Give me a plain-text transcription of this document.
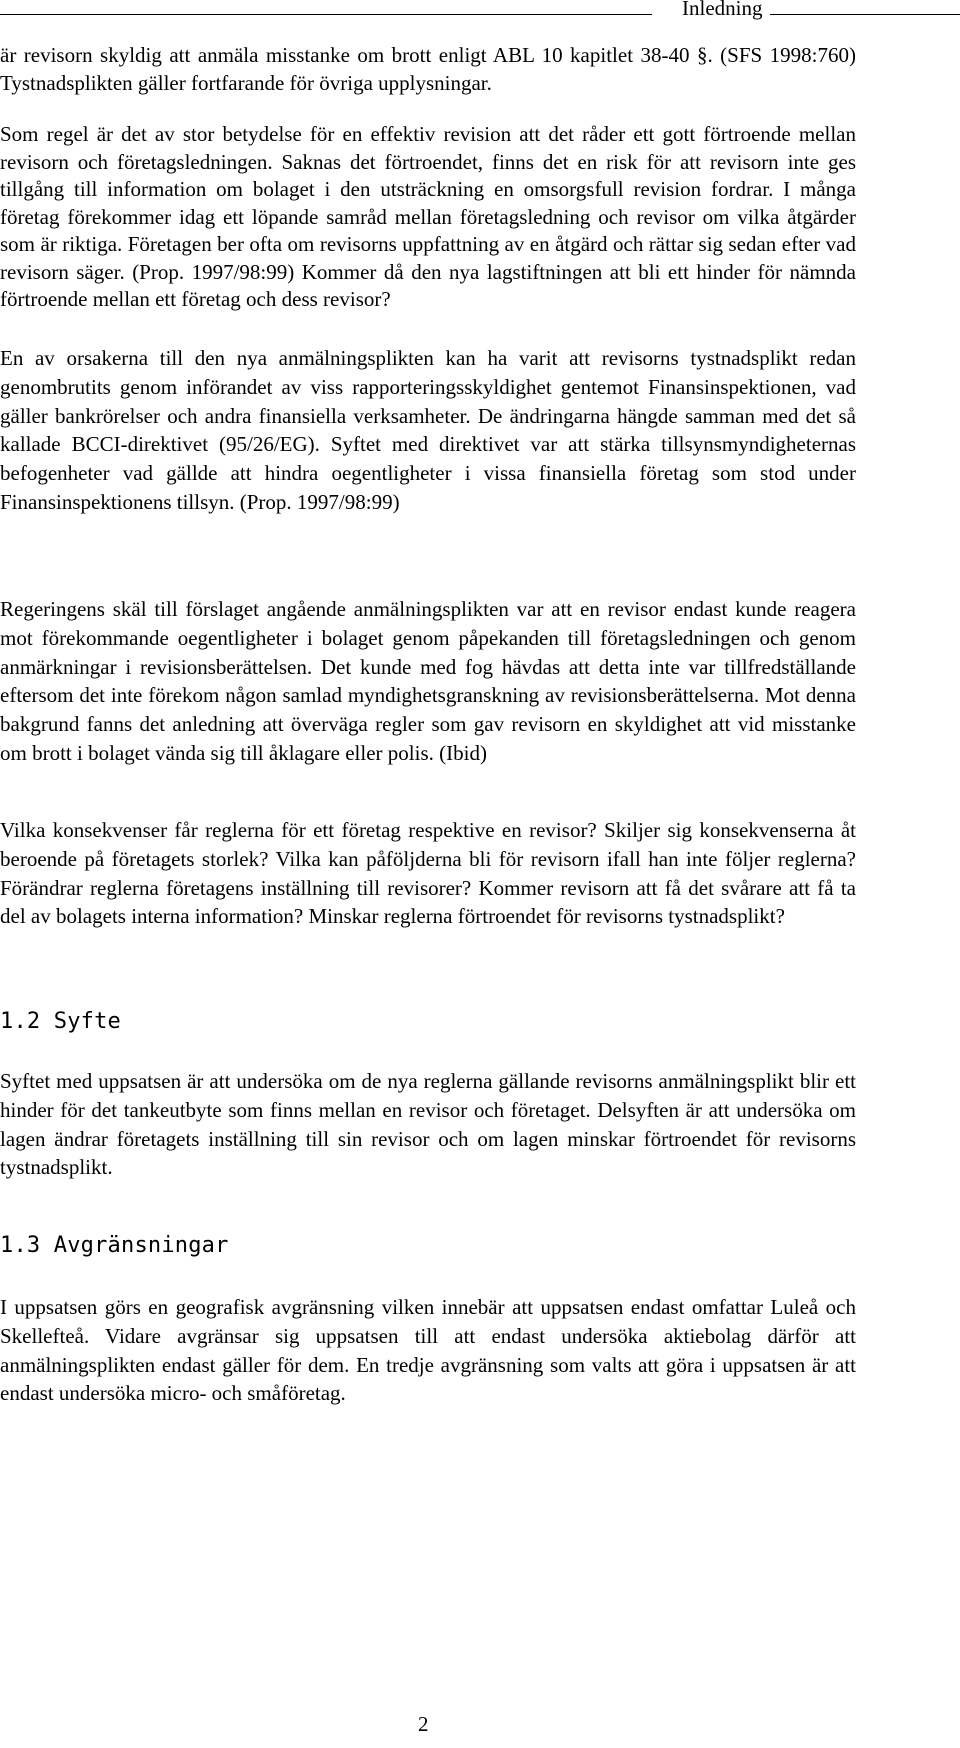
Inledning

är revisorn skyldig att anmäla misstanke om brott enligt ABL 10 kapitlet 38-40 §. (SFS 1998:760) Tystnadsplikten gäller fortfarande för övriga upplysningar.

Som regel är det av stor betydelse för en effektiv revision att det råder ett gott förtroende mellan revisorn och företagsledningen. Saknas det förtroendet, finns det en risk för att revisorn inte ges tillgång till information om bolaget i den utsträckning en omsorgsfull revision fordrar. I många företag förekommer idag ett löpande samråd mellan företagsledning och revisor om vilka åtgärder som är riktiga. Företagen ber ofta om revisorns uppfattning av en åtgärd och rättar sig sedan efter vad revisorn säger. (Prop. 1997/98:99) Kommer då den nya lagstiftningen att bli ett hinder för nämnda förtroende mellan ett företag och dess revisor?

En av orsakerna till den nya anmälningsplikten kan ha varit att revisorns tystnadsplikt redan genombrutits genom införandet av viss rapporteringsskyldighet gentemot Finansinspektionen, vad gäller bankrörelser och andra finansiella verksamheter. De ändringarna hängde samman med det så kallade BCCI-direktivet (95/26/EG). Syftet med direktivet var att stärka tillsynsmyndigheternas befogenheter vad gällde att hindra oegentligheter i vissa finansiella företag som stod under Finansinspektionens tillsyn. (Prop. 1997/98:99)

Regeringens skäl till förslaget angående anmälningsplikten var att en revisor endast kunde reagera mot förekommande oegentligheter i bolaget genom påpekanden till företagsledningen och genom anmärkningar i revisionsberättelsen. Det kunde med fog hävdas att detta inte var tillfredställande eftersom det inte förekom någon samlad myndighetsgranskning av revisionsberättelserna. Mot denna bakgrund fanns det anledning att överväga regler som gav revisorn en skyldighet att vid misstanke om brott i bolaget vända sig till åklagare eller polis. (Ibid)

Vilka konsekvenser får reglerna för ett företag respektive en revisor? Skiljer sig konsekvenserna åt beroende på företagets storlek? Vilka kan påföljderna bli för revisorn ifall han inte följer reglerna? Förändrar reglerna företagens inställning till revisorer? Kommer revisorn att få det svårare att få ta del av bolagets interna information? Minskar reglerna förtroendet för revisorns tystnadsplikt?

1.2 Syfte

Syftet med uppsatsen är att undersöka om de nya reglerna gällande revisorns anmälningsplikt blir ett hinder för det tankeutbyte som finns mellan en revisor och företaget. Delsyften är att undersöka om lagen ändrar företagets inställning till sin revisor och om lagen minskar förtroendet för revisorns tystnadsplikt.

1.3 Avgränsningar

I uppsatsen görs en geografisk avgränsning vilken innebär att uppsatsen endast omfattar Luleå och Skellefteå. Vidare avgränsar sig uppsatsen till att endast undersöka aktiebolag därför att anmälningsplikten endast gäller för dem. En tredje avgränsning som valts att göra i uppsatsen är att endast undersöka micro- och småföretag.

2
